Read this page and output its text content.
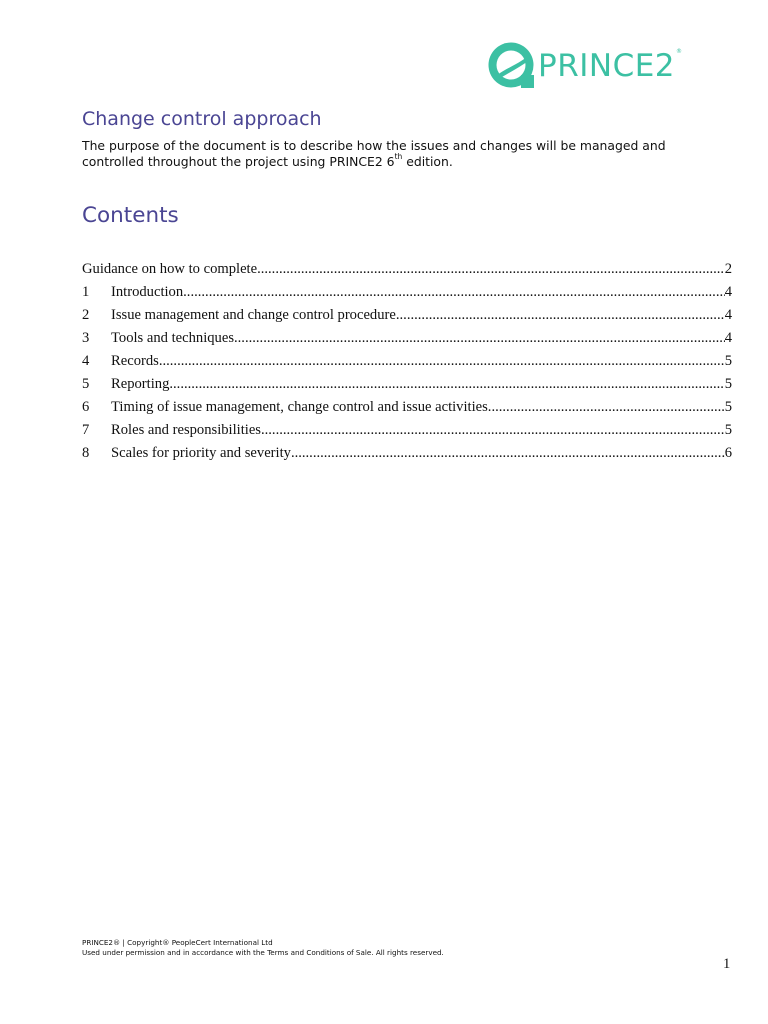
PRINCE2 ®
Change control approach

The purpose of the document is to describe how the issues and changes will be managed and controlled throughout the project using PRINCE2 6th edition.

Contents
Guidance on how to complete .....	2
1	Introduction .....	4
2	Issue management and change control procedure .....	4
3	Tools and techniques .....	4
4	Records .....	5
5	Reporting .....	5
6	Timing of issue management, change control and issue activities .....	5
7	Roles and responsibilities .....	5
8	Scales for priority and severity .....	6
PRINCE2® | Copyright® PeopleCert International Ltd
Used under permission and in accordance with the Terms and Conditions of Sale. All rights reserved.
1
